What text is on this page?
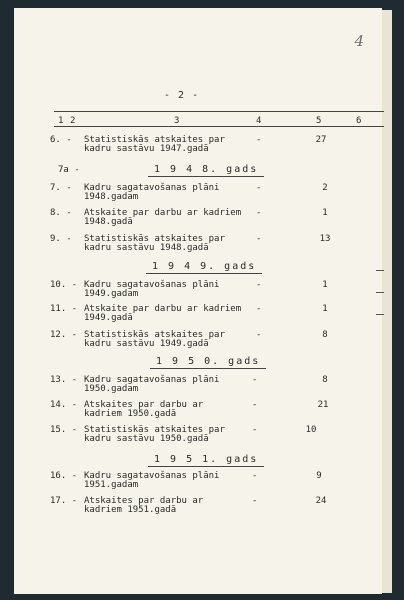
4
- 2 -
1 2	3	4	5	6
6. -	Statistiskās atskaites par
kadru sastāvu 1947.gadā
-	27
7a -	1 9 4 8. gads
7. -	Kadru sagatavošanas plāni
1948.gadam
-	2
8. -	Atskaite par darbu ar kadriem
1948.gadā
-	1
9. -	Statistiskās atskaites par
kadru sastāvu 1948.gadā
-	13
1 9 4 9. gads
10. - Kadru sagatavošanas plāni
1949.gadam
-	1
11. - Atskaite par darbu ar kadriem
1949.gadā
-	1
12. - Statistiskās atskaites par
kadru sastāvu 1949.gadā
-	8
1 9 5 0. gads
13. - Kadru sagatavošanas plāni
1950.gadam
-	8
14. - Atskaites par darbu ar
kadriem 1950.gadā
-	21
15. - Statistiskās atskaites par
kadru sastāvu 1950.gadā
-	10
1 9 5 1. gads
16. - Kadru sagatavošanas plāni
1951.gadam
-	9
17. - Atskaites par darbu ar
kadriem 1951.gadā
-	24
